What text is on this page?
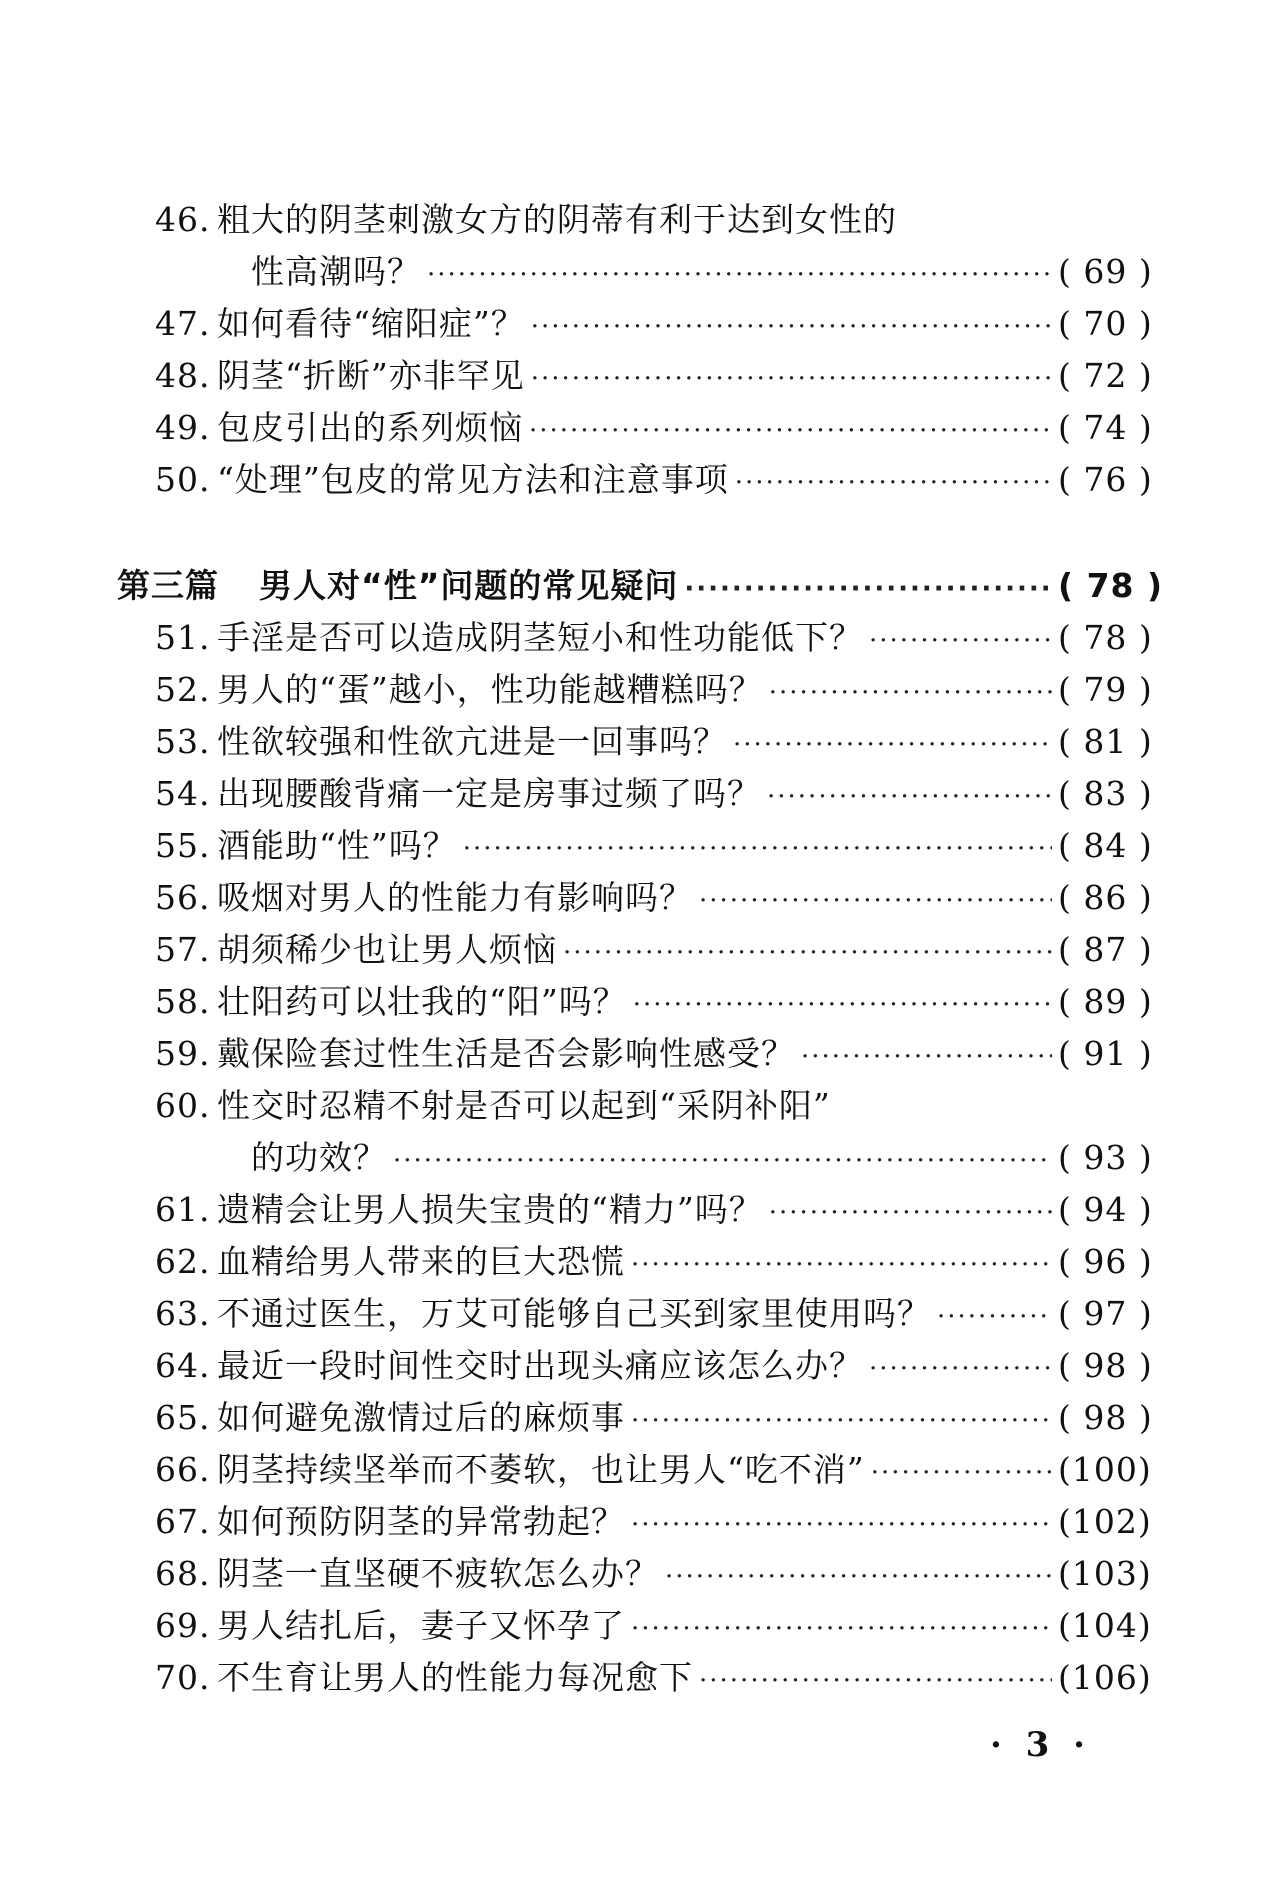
46. 粗大的阴茎刺激女方的阴蒂有利于达到女性的
性高潮吗？ ·····	( 69 )
47. 如何看待“缩阳症”？ ·····	( 70 )
48. 阴茎“折断”亦非罕见 ·····	( 72 )
49. 包皮引出的系列烦恼 ·····	( 74 )
50. “处理”包皮的常见方法和注意事项 ·····	( 76 )
第三篇 男人对“性”问题的常见疑问 ·····	( 78 )
51. 手淫是否可以造成阴茎短小和性功能低下？ ·····	( 78 )
52. 男人的“蛋”越小，性功能越糟糕吗？ ·····	( 79 )
53. 性欲较强和性欲亢进是一回事吗？ ·····	( 81 )
54. 出现腰酸背痛一定是房事过频了吗？ ·····	( 83 )
55. 酒能助“性”吗？ ·····	( 84 )
56. 吸烟对男人的性能力有影响吗？ ·····	( 86 )
57. 胡须稀少也让男人烦恼 ·····	( 87 )
58. 壮阳药可以壮我的“阳”吗？ ·····	( 89 )
59. 戴保险套过性生活是否会影响性感受？ ·····	( 91 )
60. 性交时忍精不射是否可以起到“采阴补阳”
的功效？ ·····	( 93 )
61. 遗精会让男人损失宝贵的“精力”吗？ ·····	( 94 )
62. 血精给男人带来的巨大恐慌 ·····	( 96 )
63. 不通过医生，万艾可能够自己买到家里使用吗？ ·····	( 97 )
64. 最近一段时间性交时出现头痛应该怎么办？ ·····	( 98 )
65. 如何避免激情过后的麻烦事 ·····	( 98 )
66. 阴茎持续坚举而不萎软，也让男人“吃不消” ·····	(100)
67. 如何预防阴茎的异常勃起？ ·····	(102)
68. 阴茎一直坚硬不疲软怎么办？ ·····	(103)
69. 男人结扎后，妻子又怀孕了 ·····	(104)
70. 不生育让男人的性能力每况愈下 ·····	(106)
· 3 ·
